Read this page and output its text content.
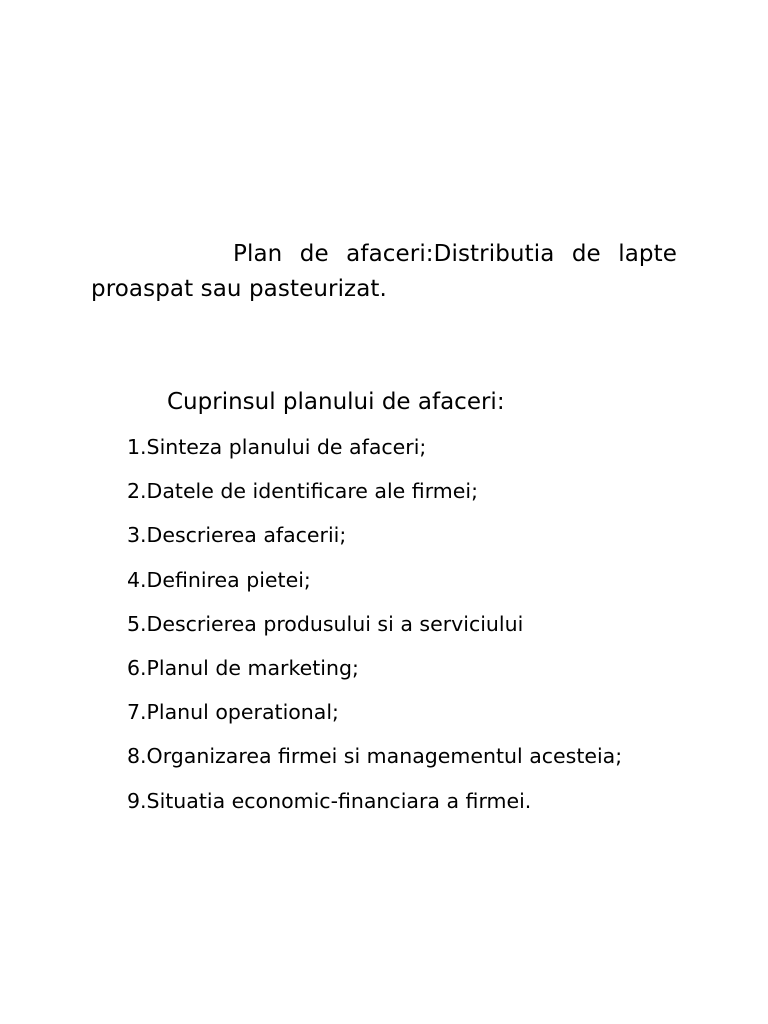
Plan de afaceri:Distributia de lapte proaspat sau pasteurizat.

Cuprinsul planului de afaceri:
1.Sinteza planului de afaceri;
2.Datele de identificare ale firmei;
3.Descrierea afacerii;
4.Definirea pietei;
5.Descrierea produsului si a serviciului
6.Planul de marketing;
7.Planul operational;
8.Organizarea firmei si managementul acesteia;
9.Situatia economic-financiara a firmei.
